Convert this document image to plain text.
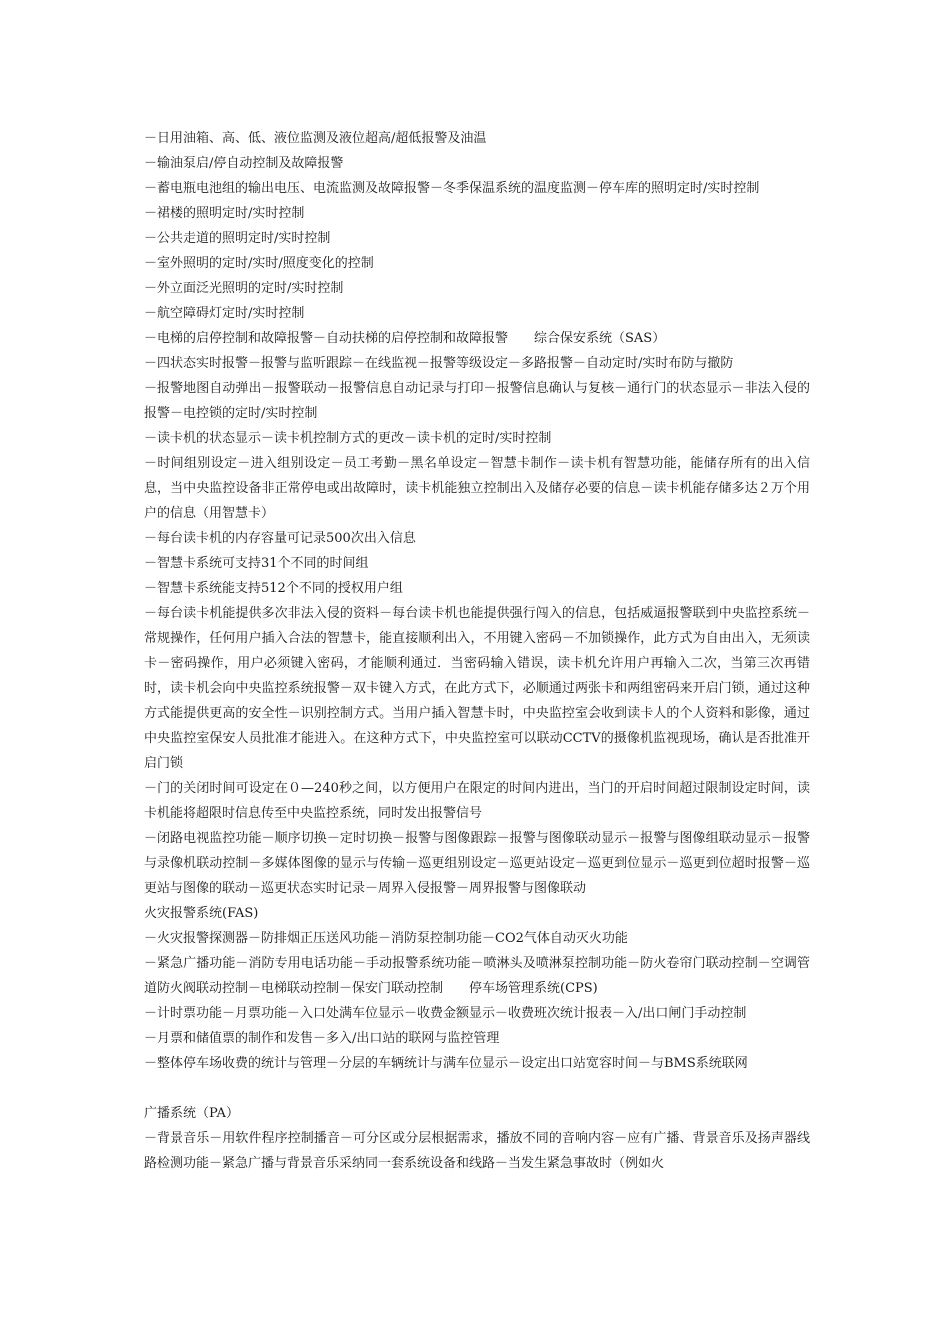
－日用油箱、高、低、液位监测及液位超高/超低报警及油温

－输油泵启/停自动控制及故障报警

－蓄电瓶电池组的输出电压、电流监测及故障报警－冬季保温系统的温度监测－停车库的照明定时/实时控制

－裙楼的照明定时/实时控制

－公共走道的照明定时/实时控制

－室外照明的定时/实时/照度变化的控制

－外立面泛光照明的定时/实时控制

－航空障碍灯定时/实时控制

－电梯的启停控制和故障报警－自动扶梯的启停控制和故障报警　　综合保安系统（SAS）

－四状态实时报警－报警与监听跟踪－在线监视－报警等级设定－多路报警－自动定时/实时布防与撤防

－报警地图自动弹出－报警联动－报警信息自动记录与打印－报警信息确认与复核－通行门的状态显示－非法入侵的报警－电控锁的定时/实时控制

－读卡机的状态显示－读卡机控制方式的更改－读卡机的定时/实时控制

－时间组别设定－进入组别设定－员工考勤－黑名单设定－智慧卡制作－读卡机有智慧功能，能储存所有的出入信息，当中央监控设备非正常停电或出故障时，读卡机能独立控制出入及储存必要的信息－读卡机能存储多达２万个用户的信息（用智慧卡）

－每台读卡机的内存容量可记录500次出入信息

－智慧卡系统可支持31个不同的时间组

－智慧卡系统能支持512个不同的授权用户组

－每台读卡机能提供多次非法入侵的资料－每台读卡机也能提供强行闯入的信息，包括威逼报警联到中央监控系统－常规操作，任何用户插入合法的智慧卡，能直接顺利出入，不用键入密码－不加锁操作，此方式为自由出入，无须读卡－密码操作，用户必须键入密码，才能顺利通过．当密码输入错误，读卡机允许用户再输入二次，当第三次再错时，读卡机会向中央监控系统报警－双卡键入方式，在此方式下，必顺通过两张卡和两组密码来开启门锁，通过这种方式能提供更高的安全性－识别控制方式。当用户插入智慧卡时，中央监控室会收到读卡人的个人资料和影像，通过中央监控室保安人员批准才能进入。在这种方式下，中央监控室可以联动CCTV的摄像机监视现场，确认是否批准开启门锁

－门的关闭时间可设定在０—240秒之间，以方便用户在限定的时间内进出，当门的开启时间超过限制设定时间，读卡机能将超限时信息传至中央监控系统，同时发出报警信号

－闭路电视监控功能－顺序切换－定时切换－报警与图像跟踪－报警与图像联动显示－报警与图像组联动显示－报警与录像机联动控制－多媒体图像的显示与传输－巡更组别设定－巡更站设定－巡更到位显示－巡更到位超时报警－巡更站与图像的联动－巡更状态实时记录－周界入侵报警－周界报警与图像联动

火灾报警系统(FAS)

－火灾报警探测器－防排烟正压送风功能－消防泵控制功能－CO2气体自动灭火功能

－紧急广播功能－消防专用电话功能－手动报警系统功能－喷淋头及喷淋泵控制功能－防火卷帘门联动控制－空调管道防火阀联动控制－电梯联动控制－保安门联动控制　　停车场管理系统(CPS)

－计时票功能－月票功能－入口处满车位显示－收费金额显示－收费班次统计报表－入/出口闸门手动控制

－月票和储值票的制作和发售－多入/出口站的联网与监控管理

－整体停车场收费的统计与管理－分层的车辆统计与满车位显示－设定出口站宽容时间－与BMS系统联网

广播系统（PA）

－背景音乐－用软件程序控制播音－可分区或分层根据需求，播放不同的音响内容－应有广播、背景音乐及扬声器线路检测功能－紧急广播与背景音乐采纳同一套系统设备和线路－当发生紧急事故时（例如火
